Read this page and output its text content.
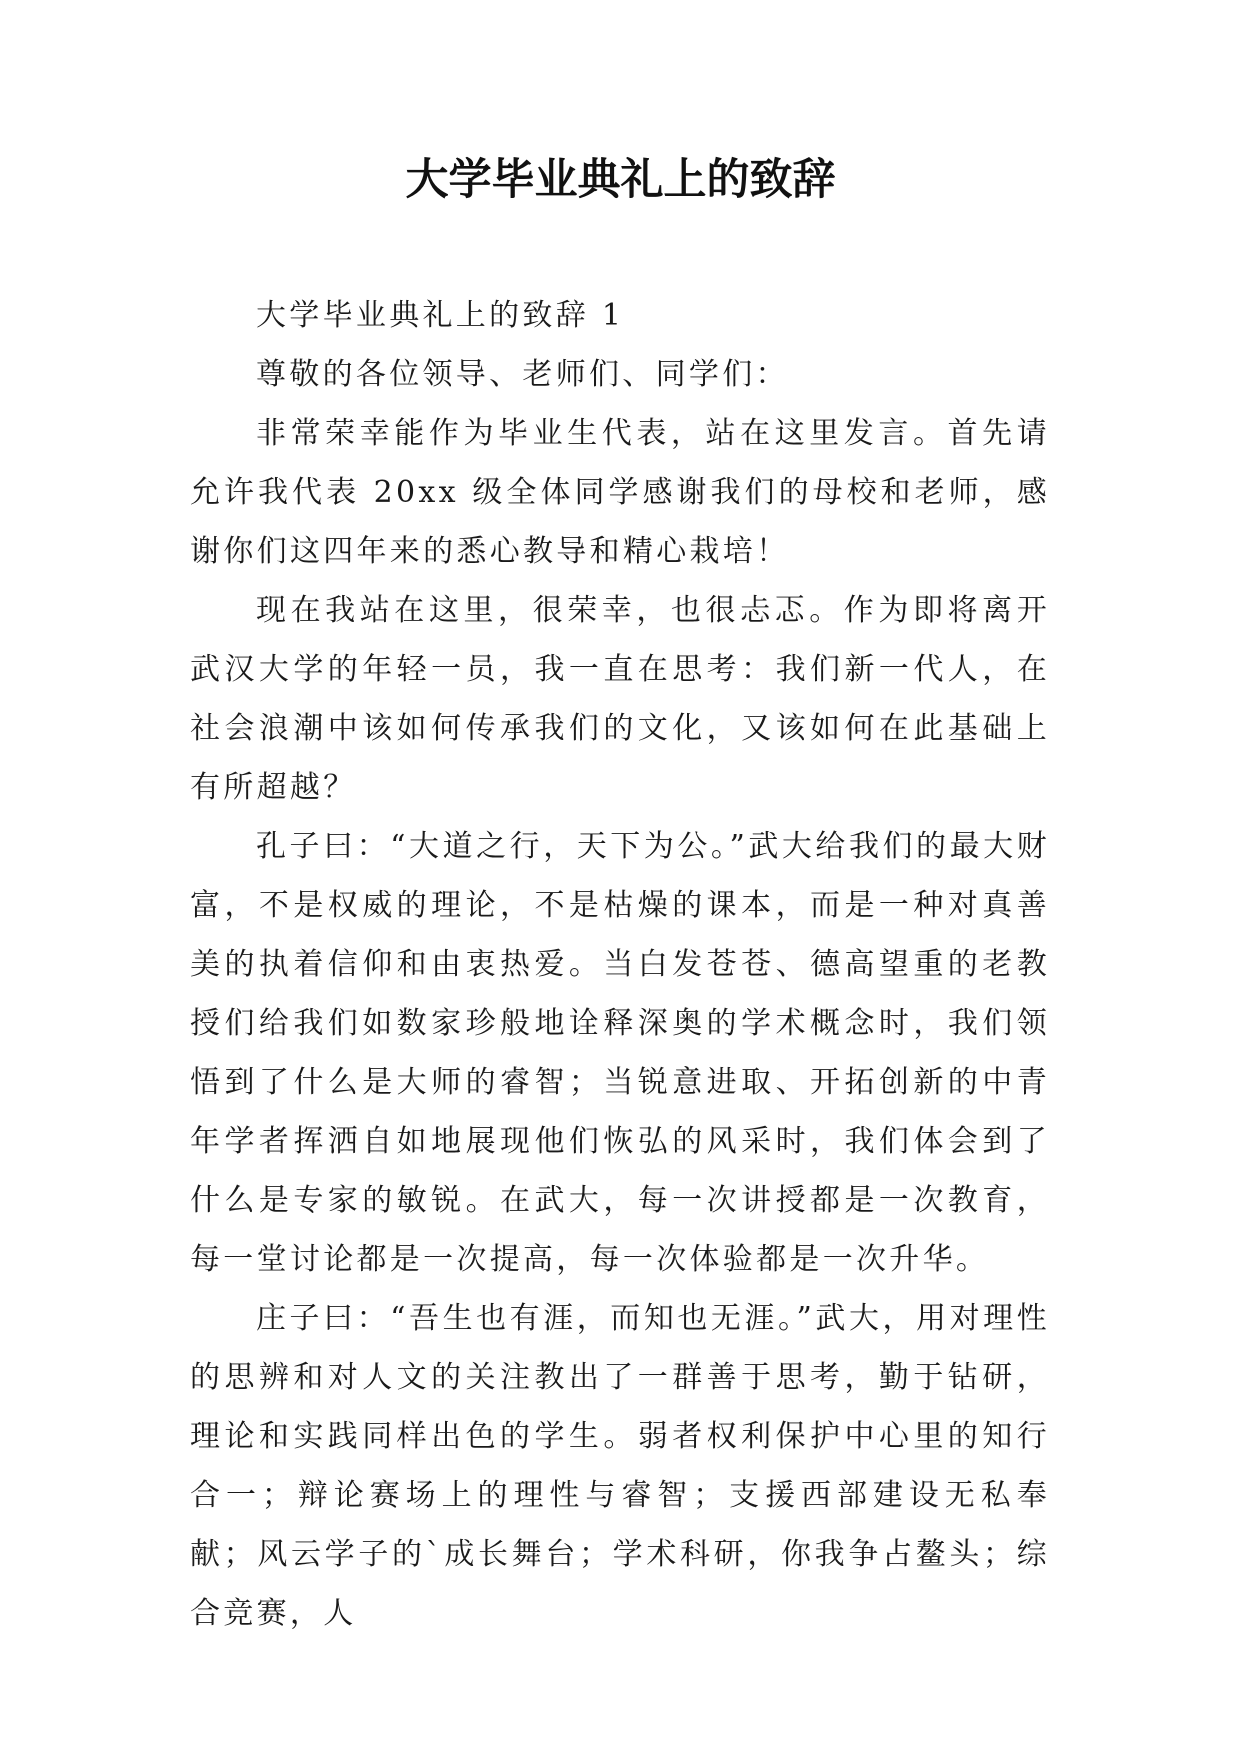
大学毕业典礼上的致辞

大学毕业典礼上的致辞 1

尊敬的各位领导、老师们、同学们：

非常荣幸能作为毕业生代表，站在这里发言。首先请允许我代表 20xx 级全体同学感谢我们的母校和老师，感谢你们这四年来的悉心教导和精心栽培！

现在我站在这里，很荣幸，也很忐忑。作为即将离开武汉大学的年轻一员，我一直在思考：我们新一代人，在社会浪潮中该如何传承我们的文化，又该如何在此基础上有所超越？

孔子曰：“大道之行，天下为公。”武大给我们的最大财富，不是权威的理论，不是枯燥的课本，而是一种对真善美的执着信仰和由衷热爱。当白发苍苍、德高望重的老教授们给我们如数家珍般地诠释深奥的学术概念时，我们领悟到了什么是大师的睿智；当锐意进取、开拓创新的中青年学者挥洒自如地展现他们恢弘的风采时，我们体会到了什么是专家的敏锐。在武大，每一次讲授都是一次教育，每一堂讨论都是一次提高，每一次体验都是一次升华。

庄子曰：“吾生也有涯，而知也无涯。”武大，用对理性的思辨和对人文的关注教出了一群善于思考，勤于钻研，理论和实践同样出色的学生。弱者权利保护中心里的知行合一；辩论赛场上的理性与睿智；支援西部建设无私奉献；风云学子的`成长舞台；学术科研，你我争占鳌头；综合竞赛，人
